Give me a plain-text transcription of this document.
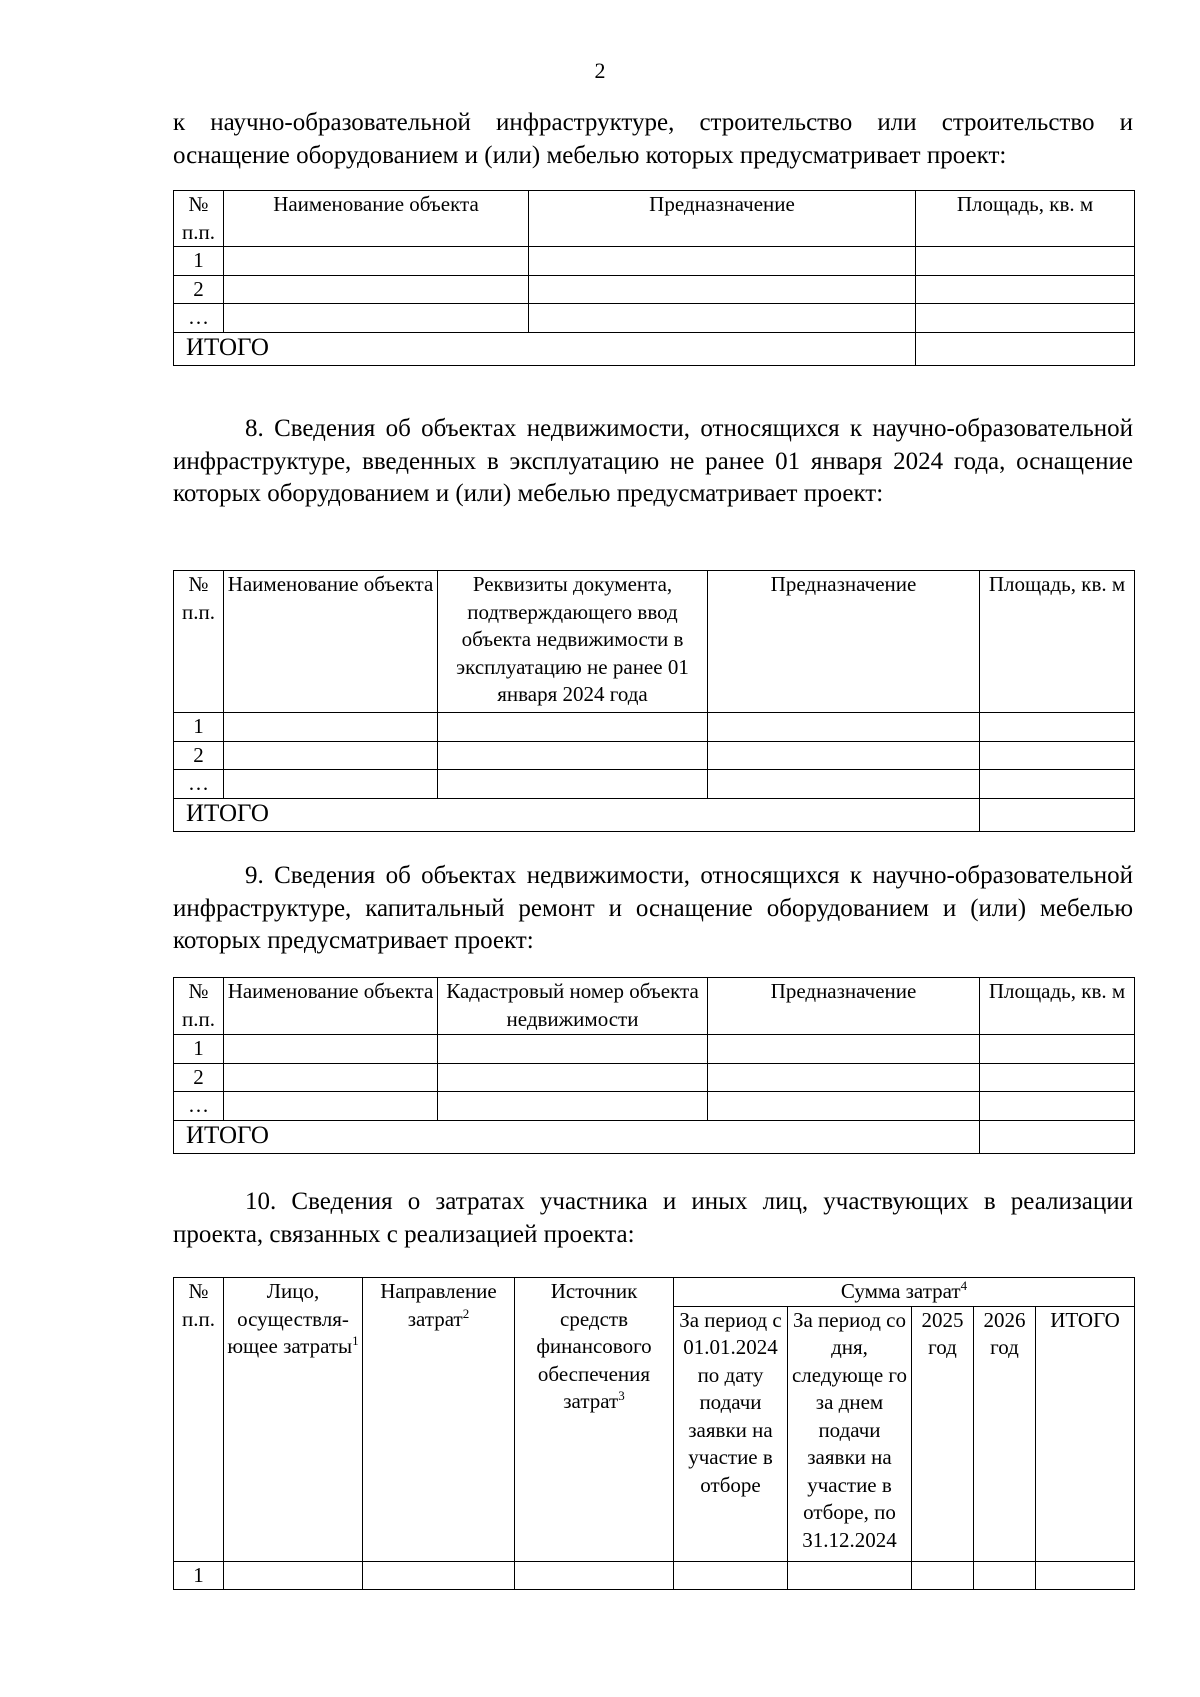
2

к научно-образовательной инфраструктуре, строительство или строительство и оснащение оборудованием и (или) мебелью которых предусматривает проект:

№ п.п.	Наименование объекта	Предназначение	Площадь, кв. м
1			
2			
…			
ИТОГО			

8. Сведения об объектах недвижимости, относящихся к научно-образовательной инфраструктуре, введенных в эксплуатацию не ранее 01 января 2024 года, оснащение которых оборудованием и (или) мебелью предусматривает проект:

№ п.п.	Наименование объекта	Реквизиты документа, подтверждающего ввод объекта недвижимости в эксплуатацию не ранее 01 января 2024 года	Предназначение	Площадь, кв. м
1				
2				
…				
ИТОГО				

9. Сведения об объектах недвижимости, относящихся к научно-образовательной инфраструктуре, капитальный ремонт и оснащение оборудованием и (или) мебелью которых предусматривает проект:

№ п.п.	Наименование объекта	Кадастровый номер объекта недвижимости	Предназначение	Площадь, кв. м
1				
2				
…				
ИТОГО				

10. Сведения о затратах участника и иных лиц, участвующих в реализации проекта, связанных с реализацией проекта:

№ п.п.	Лицо, осуществля-ющее затраты$^1$	Направление затрат$^2$	Источник средств финансового обеспечения затрат$^3$	Сумма затрат$^4$
				За период с 01.01.2024 по дату подачи заявки на участие в отборе	За период со дня, следующе го за днем подачи заявки на участие в отборе, по 31.12.2024	2025 год	2026 год	ИТОГО
1								
